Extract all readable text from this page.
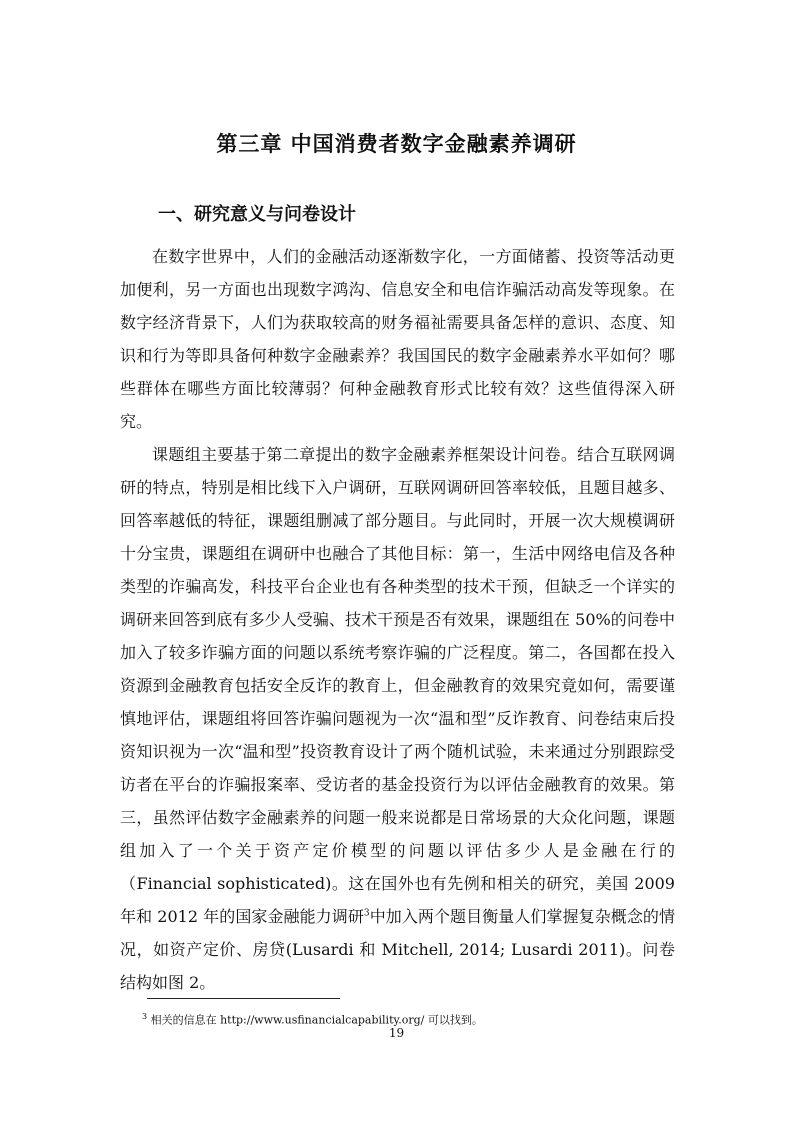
第三章 中国消费者数字金融素养调研
一、研究意义与问卷设计

在数字世界中，人们的金融活动逐渐数字化，一方面储蓄、投资等活动更加便利，另一方面也出现数字鸿沟、信息安全和电信诈骗活动高发等现象。在数字经济背景下，人们为获取较高的财务福祉需要具备怎样的意识、态度、知识和行为等即具备何种数字金融素养？我国国民的数字金融素养水平如何？哪些群体在哪些方面比较薄弱？何种金融教育形式比较有效？这些值得深入研究。

课题组主要基于第二章提出的数字金融素养框架设计问卷。结合互联网调研的特点，特别是相比线下入户调研，互联网调研回答率较低，且题目越多、回答率越低的特征，课题组删减了部分题目。与此同时，开展一次大规模调研十分宝贵，课题组在调研中也融合了其他目标：第一，生活中网络电信及各种类型的诈骗高发，科技平台企业也有各种类型的技术干预，但缺乏一个详实的调研来回答到底有多少人受骗、技术干预是否有效果，课题组在 50%的问卷中加入了较多诈骗方面的问题以系统考察诈骗的广泛程度。第二，各国都在投入资源到金融教育包括安全反诈的教育上，但金融教育的效果究竟如何，需要谨慎地评估，课题组将回答诈骗问题视为一次“温和型”反诈教育、问卷结束后投资知识视为一次“温和型”投资教育设计了两个随机试验，未来通过分别跟踪受访者在平台的诈骗报案率、受访者的基金投资行为以评估金融教育的效果。第三，虽然评估数字金融素养的问题一般来说都是日常场景的大众化问题，课题组加入了一个关于资产定价模型的问题以评估多少人是金融在行的（Financial sophisticated)。这在国外也有先例和相关的研究，美国 2009 年和 2012 年的国家金融能力调研$^3$中加入两个题目衡量人们掌握复杂概念的情况，如资产定价、房贷(Lusardi 和 Mitchell, 2014; Lusardi 2011)。问卷结构如图 2。

$^3$ 相关的信息在 http://www.usfinancialcapability.org/ 可以找到。
19
